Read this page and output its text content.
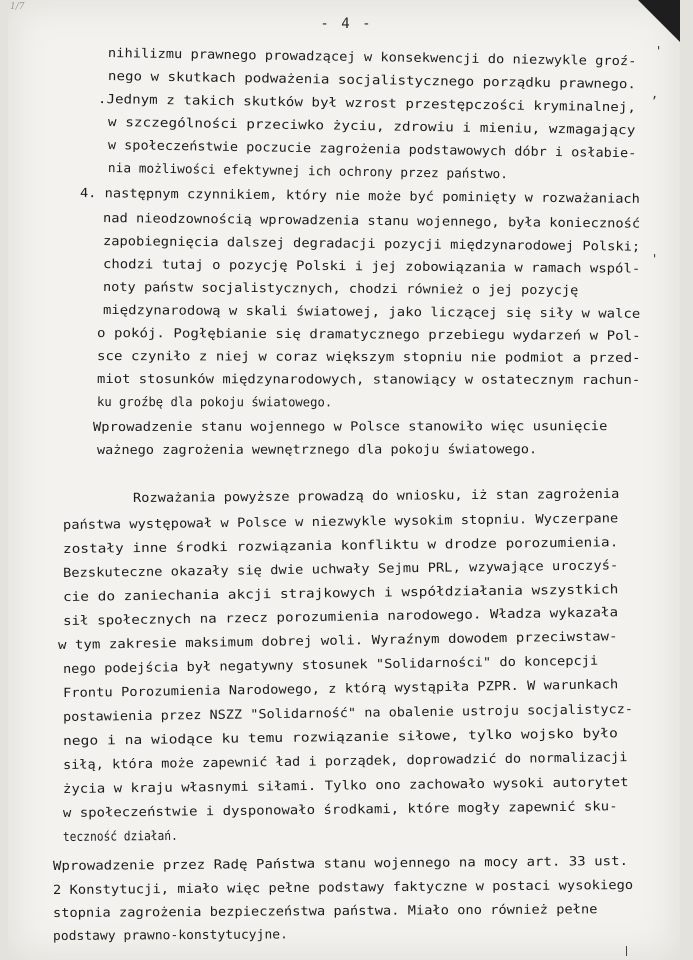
1/7
- 4 -
nihilizmu prawnego prowadzącej w konsekwencji do niezwykle groź-
nego w skutkach podważenia socjalistycznego porządku prawnego.
.Jednym z takich skutków był wzrost przestępczości kryminalnej,
w szczególności przeciwko życiu, zdrowiu i mieniu, wzmagający
w społeczeństwie poczucie zagrożenia podstawowych dóbr i osłabie-
nia możliwości efektywnej ich ochrony przez państwo.
4. następnym czynnikiem, który nie może być pominięty w rozważaniach
nad nieodzownością wprowadzenia stanu wojennego, była konieczność
zapobiegnięcia dalszej degradacji pozycji międzynarodowej Polski;
chodzi tutaj o pozycję Polski i jej zobowiązania w ramach wspól-
noty państw socjalistycznych, chodzi również o jej pozycję
międzynarodową w skali światowej, jako liczącej się siły w walce
o pokój. Pogłębianie się dramatycznego przebiegu wydarzeń w Pol-
sce czyniło z niej w coraz większym stopniu nie podmiot a przed-
miot stosunków międzynarodowych, stanowiący w ostatecznym rachun-
ku groźbę dla pokoju światowego.
Wprowadzenie stanu wojennego w Polsce stanowiło więc usunięcie
ważnego zagrożenia wewnętrznego dla pokoju światowego.
Rozważania powyższe prowadzą do wniosku, iż stan zagrożenia
państwa występował w Polsce w niezwykle wysokim stopniu. Wyczerpane
zostały inne środki rozwiązania konfliktu w drodze porozumienia.
Bezskuteczne okazały się dwie uchwały Sejmu PRL, wzywające uroczyś-
cie do zaniechania akcji strajkowych i współdziałania wszystkich
sił społecznych na rzecz porozumienia narodowego. Władza wykazała
w tym zakresie maksimum dobrej woli. Wyraźnym dowodem przeciwstaw-
nego podejścia był negatywny stosunek "Solidarności" do koncepcji
Frontu Porozumienia Narodowego, z którą wystąpiła PZPR. W warunkach
postawienia przez NSZZ "Solidarność" na obalenie ustroju socjalistycz-
nego i na wiodące ku temu rozwiązanie siłowe, tylko wojsko było
siłą, która może zapewnić ład i porządek, doprowadzić do normalizacji
życia w kraju własnymi siłami. Tylko ono zachowało wysoki autorytet
w społeczeństwie i dysponowało środkami, które mogły zapewnić sku-
teczność działań.
Wprowadzenie przez Radę Państwa stanu wojennego na mocy art. 33 ust.
2 Konstytucji, miało więc pełne podstawy faktyczne w postaci wysokiego
stopnia zagrożenia bezpieczeństwa państwa. Miało ono również pełne
podstawy prawno-konstytucyjne.
'
,
'
